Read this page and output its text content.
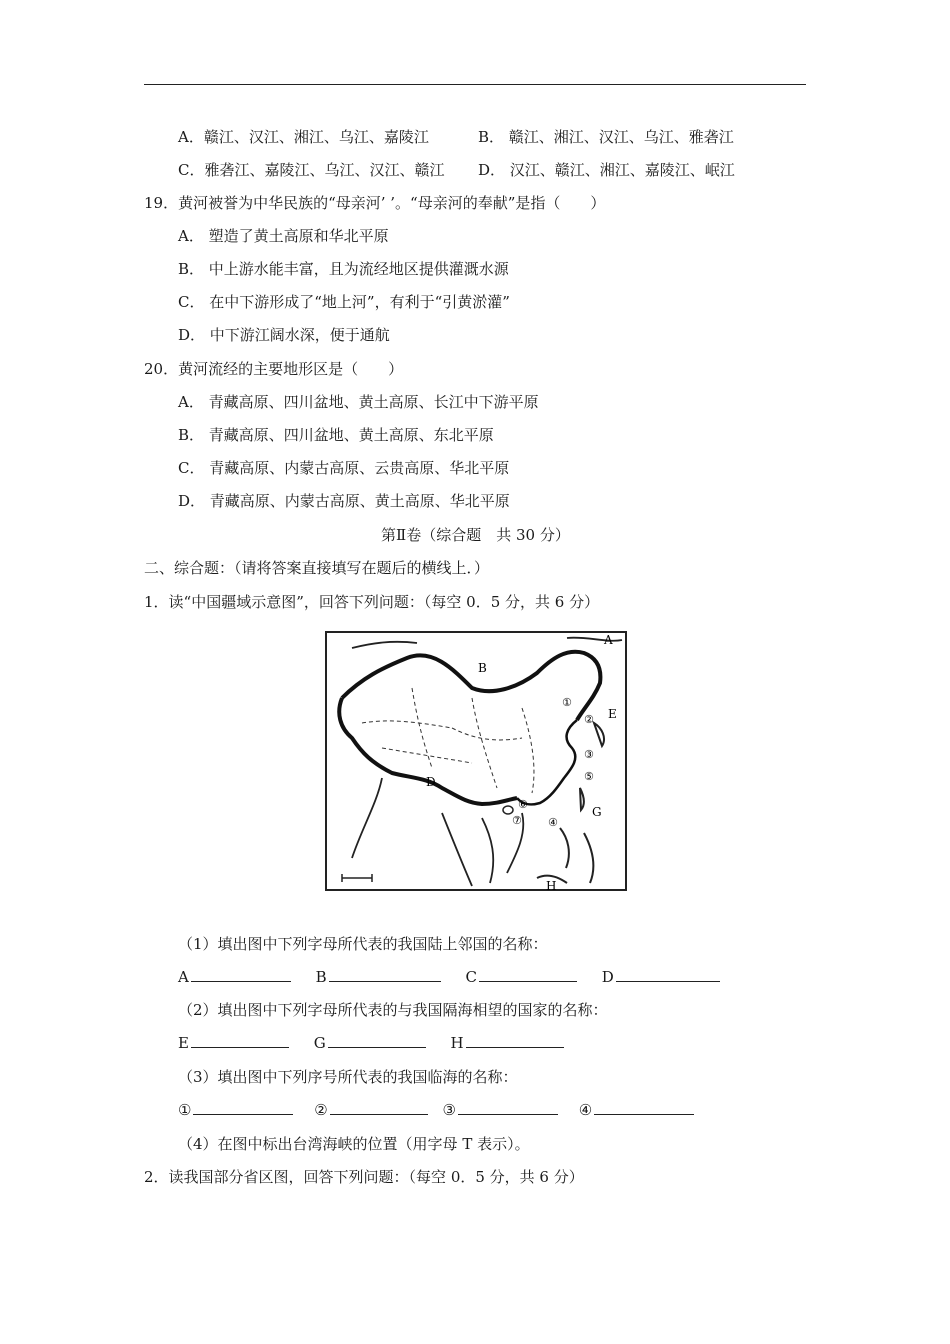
A．赣江、汉江、湘江、乌江、嘉陵江	B． 赣江、湘江、汉江、乌江、雅砻江
C．雅砻江、嘉陵江、乌江、汉江、赣江 D． 汉江、赣江、湘江、嘉陵江、岷江
19．黄河被誉为中华民族的“母亲河’ ’。“母亲河的奉献”是指（　　）
A． 塑造了黄土高原和华北平原
B． 中上游水能丰富，且为流经地区提供灌溉水源
C． 在中下游形成了“地上河”，有利于“引黄淤灌”
D． 中下游江阔水深，便于通航
20．黄河流经的主要地形区是（　　）
A． 青藏高原、四川盆地、黄土高原、长江中下游平原
B． 青藏高原、四川盆地、黄土高原、东北平原
C． 青藏高原、内蒙古高原、云贵高原、华北平原
D． 青藏高原、内蒙古高原、黄土高原、华北平原
第Ⅱ卷（综合题　共 30 分）
二、综合题：（请将答案直接填写在题后的横线上．）
1．读“中国疆域示意图”，回答下列问题：（每空 0．5 分，共 6 分）
A
B
D
E
G
H
①
②
③
④
⑤
⑥
⑦
（1）填出图中下列字母所代表的我国陆上邻国的名称：
A	B	C	D
（2）填出图中下列字母所代表的与我国隔海相望的国家的名称：
E	G	H
（3）填出图中下列序号所代表的我国临海的名称：
①	②	③	④
（4）在图中标出台湾海峡的位置（用字母 T 表示）。
2．读我国部分省区图，回答下列问题：（每空 0．5 分，共 6 分）
